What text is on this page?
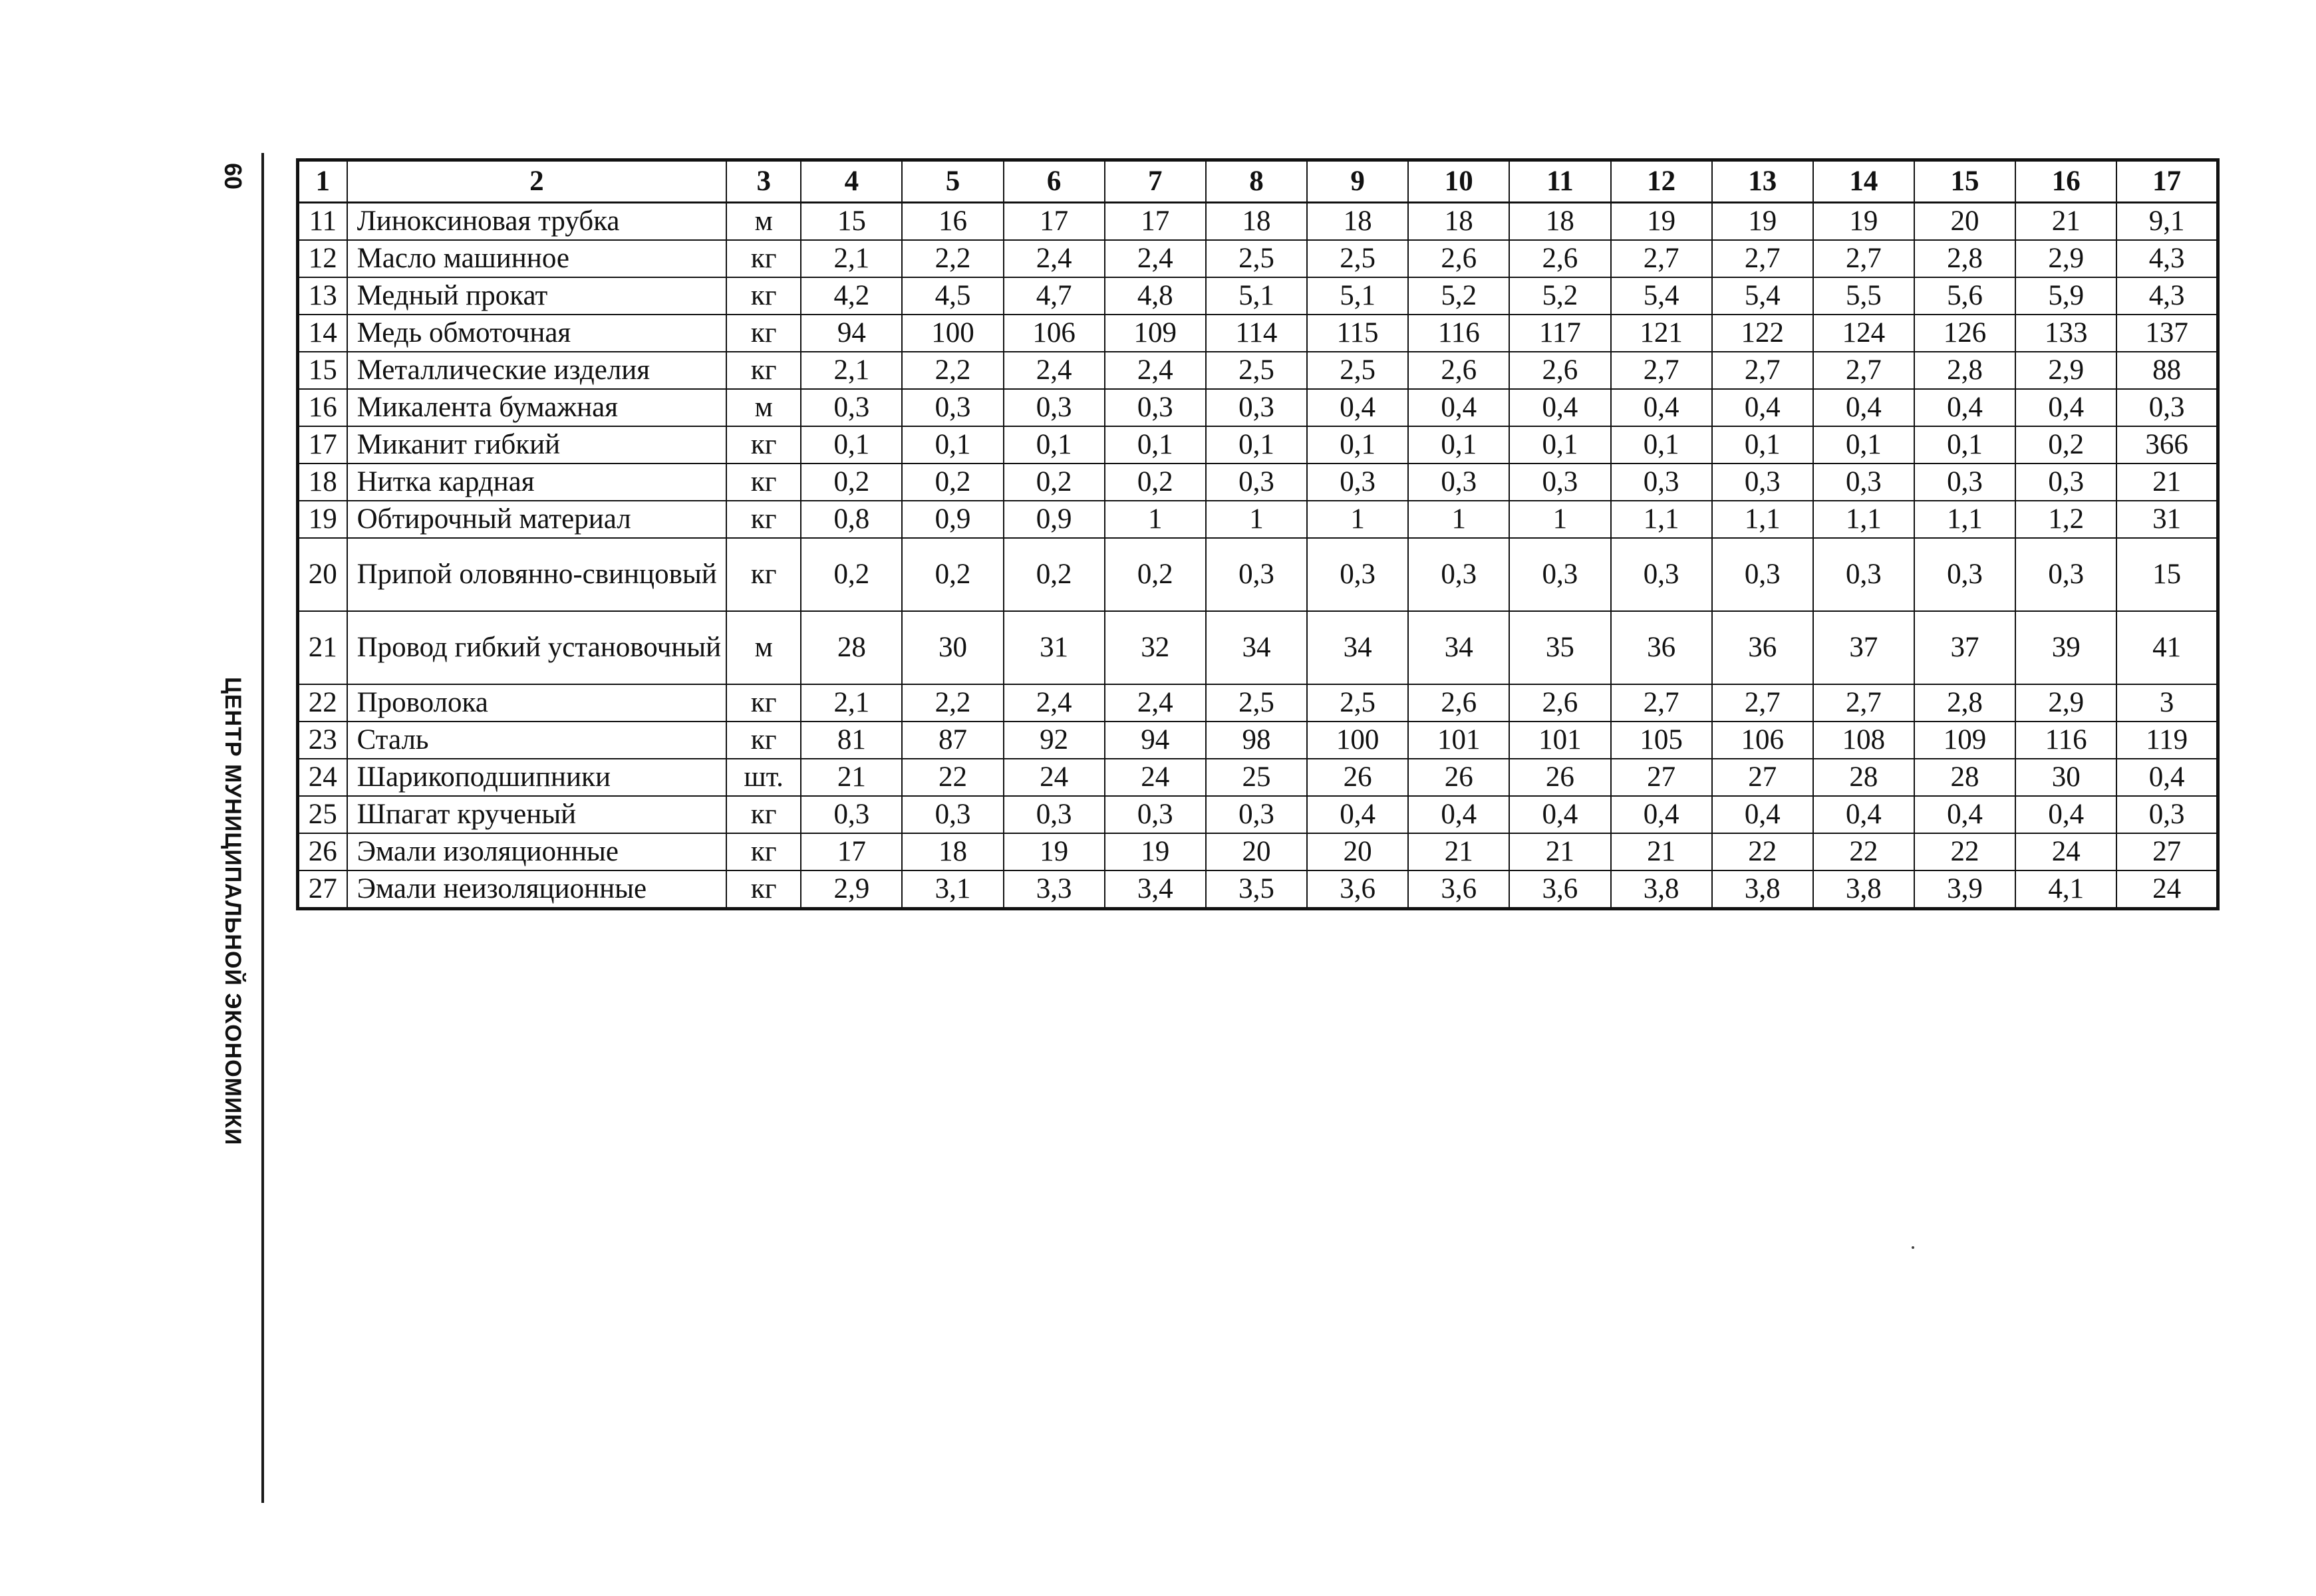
60
ЦЕНТР МУНИЦИПАЛЬНОЙ ЭКОНОМИКИ
1	2	3	4	5	6	7	8	9	10	11	12	13	14	15	16	17
11	Линоксиновая трубка	м	15	16	17	17	18	18	18	18	19	19	19	20	21	9,1
12	Масло машинное	кг	2,1	2,2	2,4	2,4	2,5	2,5	2,6	2,6	2,7	2,7	2,7	2,8	2,9	4,3
13	Медный прокат	кг	4,2	4,5	4,7	4,8	5,1	5,1	5,2	5,2	5,4	5,4	5,5	5,6	5,9	4,3
14	Медь обмоточная	кг	94	100	106	109	114	115	116	117	121	122	124	126	133	137
15	Металлические изделия	кг	2,1	2,2	2,4	2,4	2,5	2,5	2,6	2,6	2,7	2,7	2,7	2,8	2,9	88
16	Микалента бумажная	м	0,3	0,3	0,3	0,3	0,3	0,4	0,4	0,4	0,4	0,4	0,4	0,4	0,4	0,3
17	Миканит гибкий	кг	0,1	0,1	0,1	0,1	0,1	0,1	0,1	0,1	0,1	0,1	0,1	0,1	0,2	366
18	Нитка кардная	кг	0,2	0,2	0,2	0,2	0,3	0,3	0,3	0,3	0,3	0,3	0,3	0,3	0,3	21
19	Обтирочный материал	кг	0,8	0,9	0,9	1	1	1	1	1	1,1	1,1	1,1	1,1	1,2	31
20	Припой оловянно-свинцовый	кг	0,2	0,2	0,2	0,2	0,3	0,3	0,3	0,3	0,3	0,3	0,3	0,3	0,3	15
21	Провод гибкий установочный	м	28	30	31	32	34	34	34	35	36	36	37	37	39	41
22	Проволока	кг	2,1	2,2	2,4	2,4	2,5	2,5	2,6	2,6	2,7	2,7	2,7	2,8	2,9	3
23	Сталь	кг	81	87	92	94	98	100	101	101	105	106	108	109	116	119
24	Шарикоподшипники	шт.	21	22	24	24	25	26	26	26	27	27	28	28	30	0,4
25	Шпагат крученый	кг	0,3	0,3	0,3	0,3	0,3	0,4	0,4	0,4	0,4	0,4	0,4	0,4	0,4	0,3
26	Эмали изоляционные	кг	17	18	19	19	20	20	21	21	21	22	22	22	24	27
27	Эмали неизоляционные	кг	2,9	3,1	3,3	3,4	3,5	3,6	3,6	3,6	3,8	3,8	3,8	3,9	4,1	24
